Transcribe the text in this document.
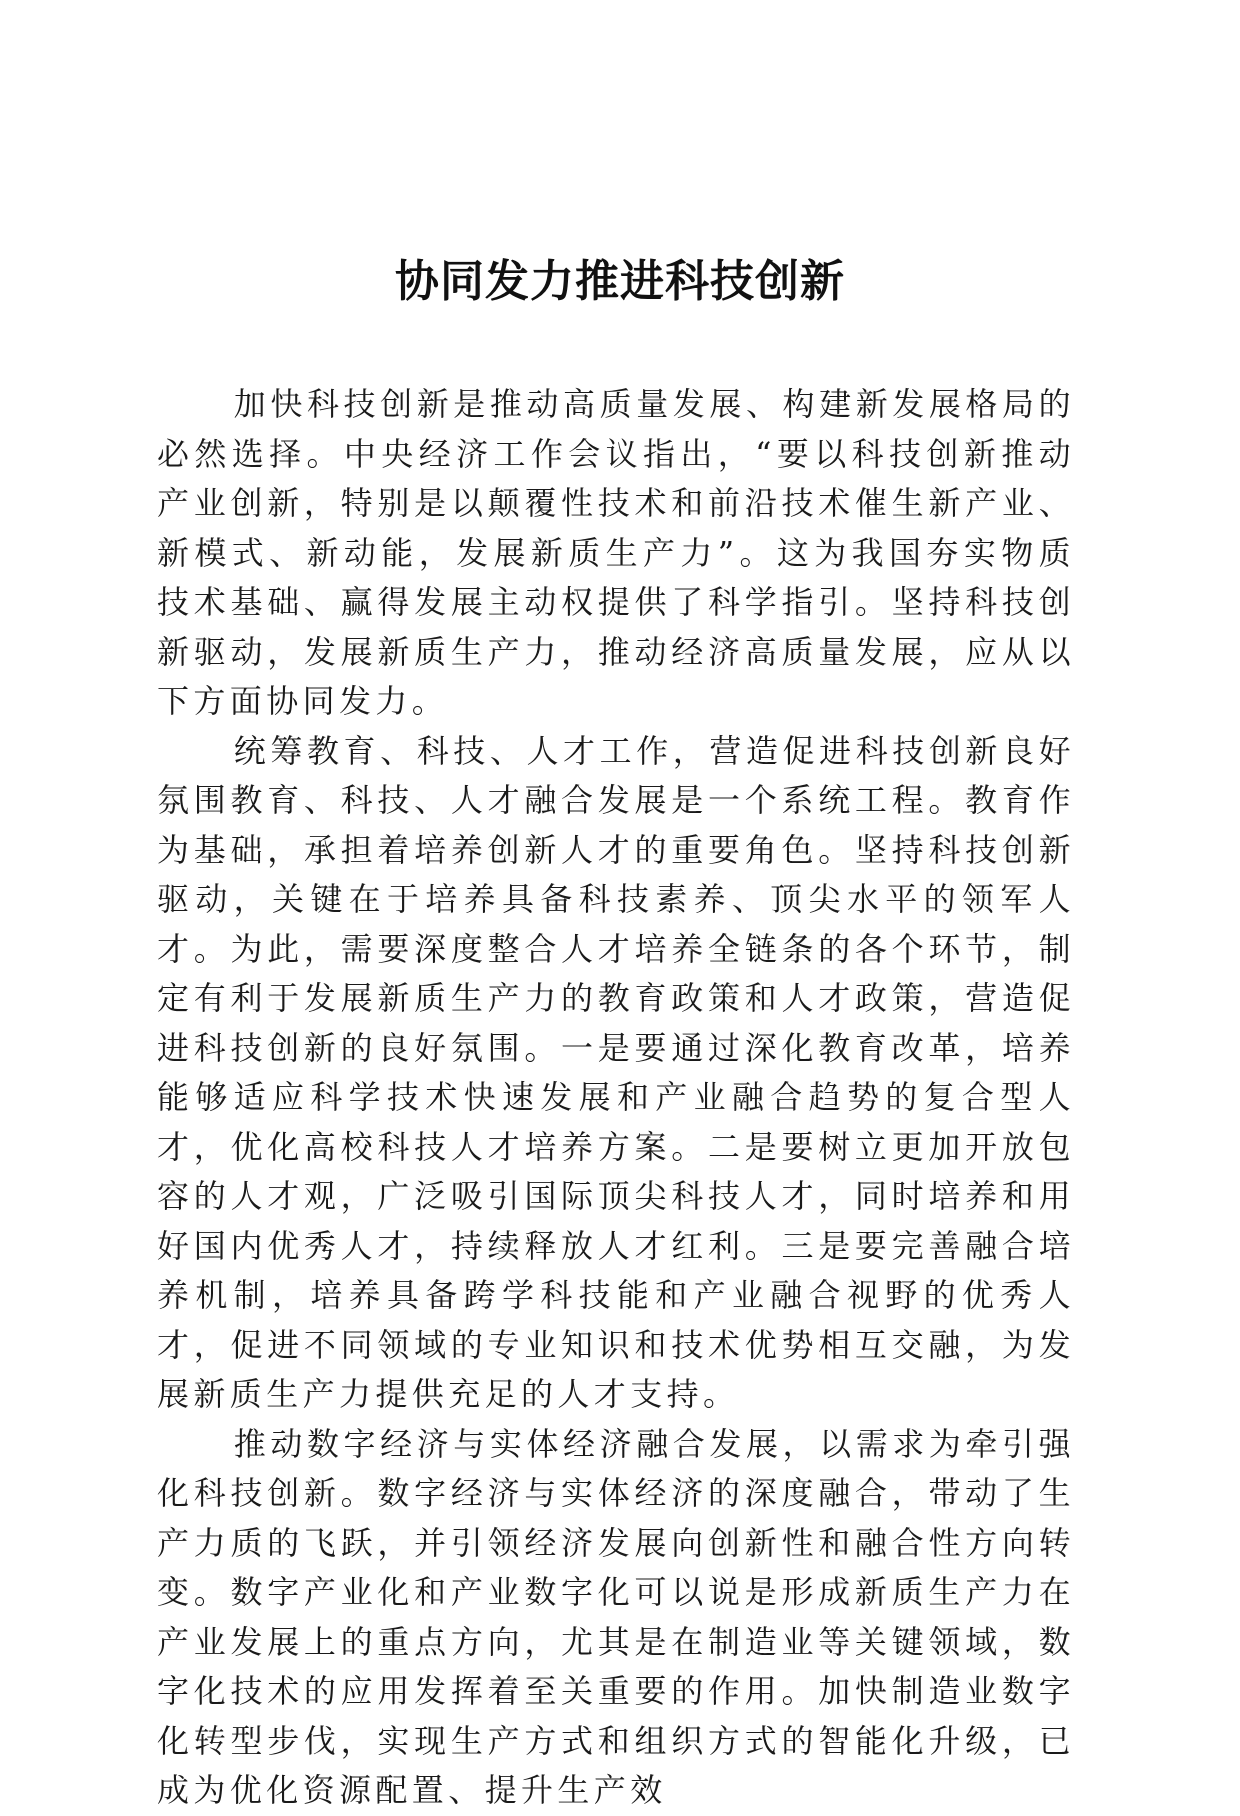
协同发力推进科技创新

加快科技创新是推动高质量发展、构建新发展格局的必然选择。中央经济工作会议指出，“要以科技创新推动产业创新，特别是以颠覆性技术和前沿技术催生新产业、新模式、新动能，发展新质生产力”。这为我国夯实物质技术基础、赢得发展主动权提供了科学指引。坚持科技创新驱动，发展新质生产力，推动经济高质量发展，应从以下方面协同发力。

统筹教育、科技、人才工作，营造促进科技创新良好氛围教育、科技、人才融合发展是一个系统工程。教育作为基础，承担着培养创新人才的重要角色。坚持科技创新驱动，关键在于培养具备科技素养、顶尖水平的领军人才。为此，需要深度整合人才培养全链条的各个环节，制定有利于发展新质生产力的教育政策和人才政策，营造促进科技创新的良好氛围。一是要通过深化教育改革，培养能够适应科学技术快速发展和产业融合趋势的复合型人才，优化高校科技人才培养方案。二是要树立更加开放包容的人才观，广泛吸引国际顶尖科技人才，同时培养和用好国内优秀人才，持续释放人才红利。三是要完善融合培养机制，培养具备跨学科技能和产业融合视野的优秀人才，促进不同领域的专业知识和技术优势相互交融，为发展新质生产力提供充足的人才支持。

推动数字经济与实体经济融合发展，以需求为牵引强化科技创新。数字经济与实体经济的深度融合，带动了生产力质的飞跃，并引领经济发展向创新性和融合性方向转变。数字产业化和产业数字化可以说是形成新质生产力在产业发展上的重点方向，尤其是在制造业等关键领域，数字化技术的应用发挥着至关重要的作用。加快制造业数字化转型步伐，实现生产方式和组织方式的智能化升级，已成为优化资源配置、提升生产效
